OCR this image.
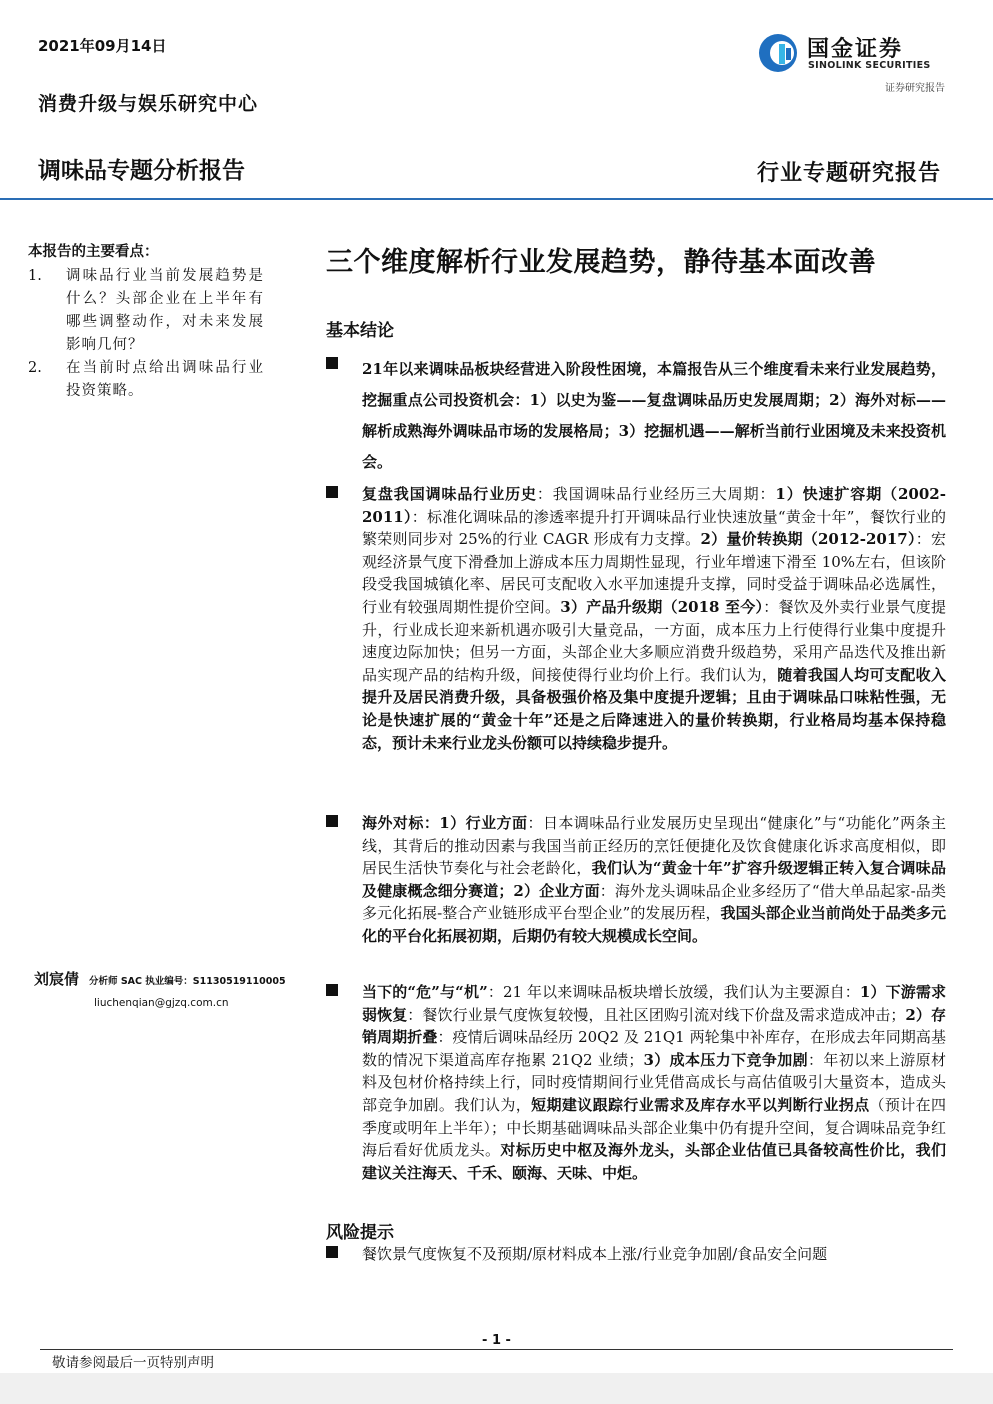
2021年09月14日
消费升级与娱乐研究中心
调味品专题分析报告
国金证券
SINOLINK SECURITIES
证券研究报告
行业专题研究报告
本报告的主要看点：
1.	调味品行业当前发展趋势是什么？头部企业在上半年有哪些调整动作，对未来发展影响几何？
2.	在当前时点给出调味品行业投资策略。
刘宸倩 分析师 SAC 执业编号：S1130519110005
liuchenqian@gjzq.com.cn
三个维度解析行业发展趋势，静待基本面改善
基本结论
21年以来调味品板块经营进入阶段性困境，本篇报告从三个维度看未来行业发展趋势，挖掘重点公司投资机会：1）以史为鉴——复盘调味品历史发展周期；2）海外对标——解析成熟海外调味品市场的发展格局；3）挖掘机遇——解析当前行业困境及未来投资机会。
复盘我国调味品行业历史：我国调味品行业经历三大周期：1）快速扩容期（2002-2011）：标准化调味品的渗透率提升打开调味品行业快速放量“黄金十年”，餐饮行业的繁荣则同步对 25%的行业 CAGR 形成有力支撑。2）量价转换期（2012-2017）：宏观经济景气度下滑叠加上游成本压力周期性显现，行业年增速下滑至 10%左右，但该阶段受我国城镇化率、居民可支配收入水平加速提升支撑，同时受益于调味品必选属性，行业有较强周期性提价空间。3）产品升级期（2018 至今）：餐饮及外卖行业景气度提升，行业成长迎来新机遇亦吸引大量竞品，一方面，成本压力上行使得行业集中度提升速度边际加快；但另一方面，头部企业大多顺应消费升级趋势，采用产品迭代及推出新品实现产品的结构升级，间接使得行业均价上行。我们认为，随着我国人均可支配收入提升及居民消费升级，具备极强价格及集中度提升逻辑；且由于调味品口味粘性强，无论是快速扩展的“黄金十年”还是之后降速进入的量价转换期，行业格局均基本保持稳态，预计未来行业龙头份额可以持续稳步提升。
海外对标：1）行业方面：日本调味品行业发展历史呈现出“健康化”与“功能化”两条主线，其背后的推动因素与我国当前正经历的烹饪便捷化及饮食健康化诉求高度相似，即居民生活快节奏化与社会老龄化，我们认为“黄金十年”扩容升级逻辑正转入复合调味品及健康概念细分赛道；2）企业方面：海外龙头调味品企业多经历了“借大单品起家-品类多元化拓展-整合产业链形成平台型企业”的发展历程，我国头部企业当前尚处于品类多元化的平台化拓展初期，后期仍有较大规模成长空间。
当下的“危”与“机”：21 年以来调味品板块增长放缓，我们认为主要源自：1）下游需求弱恢复：餐饮行业景气度恢复较慢，且社区团购引流对线下价盘及需求造成冲击；2）存销周期折叠：疫情后调味品经历 20Q2 及 21Q1 两轮集中补库存，在形成去年同期高基数的情况下渠道高库存拖累 21Q2 业绩；3）成本压力下竞争加剧：年初以来上游原材料及包材价格持续上行，同时疫情期间行业凭借高成长与高估值吸引大量资本，造成头部竞争加剧。我们认为，短期建议跟踪行业需求及库存水平以判断行业拐点（预计在四季度或明年上半年）；中长期基础调味品头部企业集中仍有提升空间，复合调味品竞争红海后看好优质龙头。对标历史中枢及海外龙头，头部企业估值已具备较高性价比，我们建议关注海天、千禾、颐海、天味、中炬。
风险提示
餐饮景气度恢复不及预期/原材料成本上涨/行业竞争加剧/食品安全问题
- 1 -
敬请参阅最后一页特别声明
